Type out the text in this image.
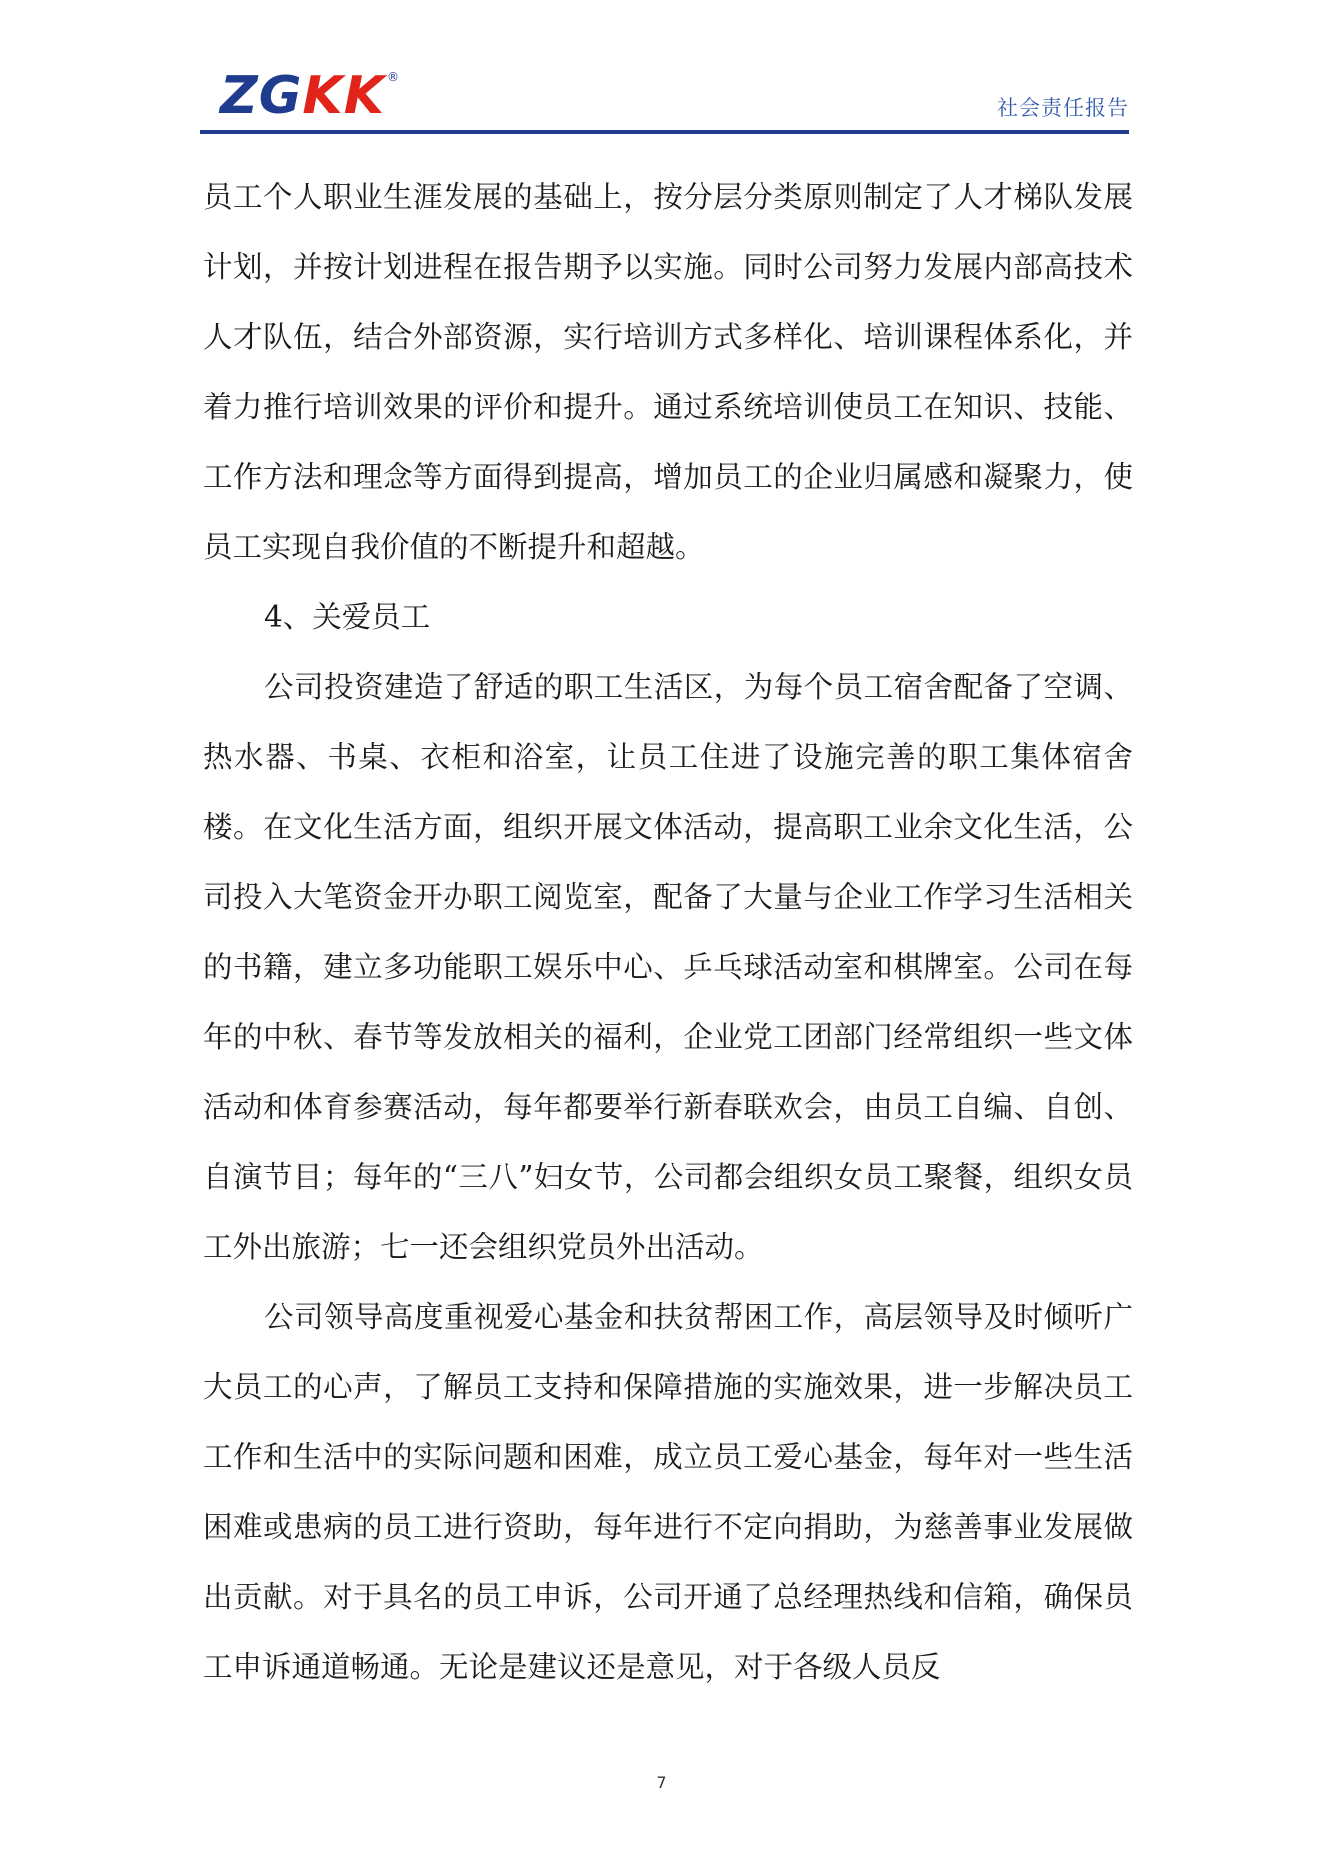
ZGKK ®
社会责任报告

员工个人职业生涯发展的基础上，按分层分类原则制定了人才梯队发展计划，并按计划进程在报告期予以实施。同时公司努力发展内部高技术人才队伍，结合外部资源，实行培训方式多样化、培训课程体系化，并着力推行培训效果的评价和提升。通过系统培训使员工在知识、技能、工作方法和理念等方面得到提高，增加员工的企业归属感和凝聚力，使员工实现自我价值的不断提升和超越。

4、关爱员工

公司投资建造了舒适的职工生活区，为每个员工宿舍配备了空调、热水器、书桌、衣柜和浴室，让员工住进了设施完善的职工集体宿舍楼。在文化生活方面，组织开展文体活动，提高职工业余文化生活，公司投入大笔资金开办职工阅览室，配备了大量与企业工作学习生活相关的书籍，建立多功能职工娱乐中心、乒乓球活动室和棋牌室。公司在每年的中秋、春节等发放相关的福利，企业党工团部门经常组织一些文体活动和体育参赛活动，每年都要举行新春联欢会，由员工自编、自创、自演节目；每年的“三八”妇女节，公司都会组织女员工聚餐，组织女员工外出旅游；七一还会组织党员外出活动。

公司领导高度重视爱心基金和扶贫帮困工作，高层领导及时倾听广大员工的心声，了解员工支持和保障措施的实施效果，进一步解决员工工作和生活中的实际问题和困难，成立员工爱心基金，每年对一些生活困难或患病的员工进行资助，每年进行不定向捐助，为慈善事业发展做出贡献。对于具名的员工申诉，公司开通了总经理热线和信箱，确保员工申诉通道畅通。无论是建议还是意见，对于各级人员反

7
